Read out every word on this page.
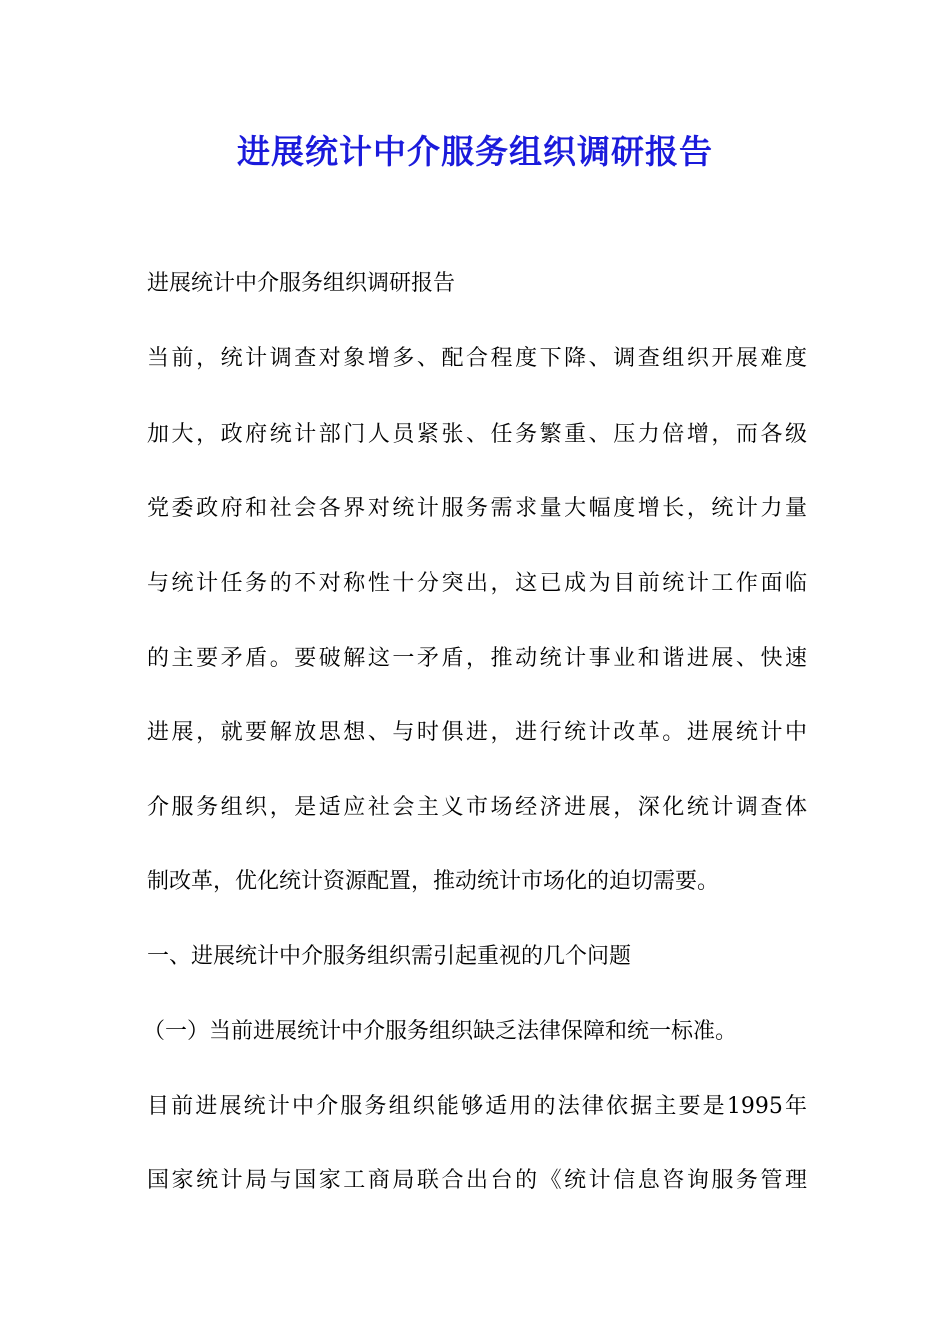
进展统计中介服务组织调研报告
进展统计中介服务组织调研报告
当前，统计调查对象增多、配合程度下降、调查组织开展难度
加大，政府统计部门人员紧张、任务繁重、压力倍增，而各级
党委政府和社会各界对统计服务需求量大幅度增长，统计力量
与统计任务的不对称性十分突出，这已成为目前统计工作面临
的主要矛盾。要破解这一矛盾，推动统计事业和谐进展、快速
进展，就要解放思想、与时俱进，进行统计改革。进展统计中
介服务组织，是适应社会主义市场经济进展，深化统计调查体
制改革，优化统计资源配置，推动统计市场化的迫切需要。
一、进展统计中介服务组织需引起重视的几个问题
（一）当前进展统计中介服务组织缺乏法律保障和统一标准。
目前进展统计中介服务组织能够适用的法律依据主要是1995年
国家统计局与国家工商局联合出台的《统计信息咨询服务管理
